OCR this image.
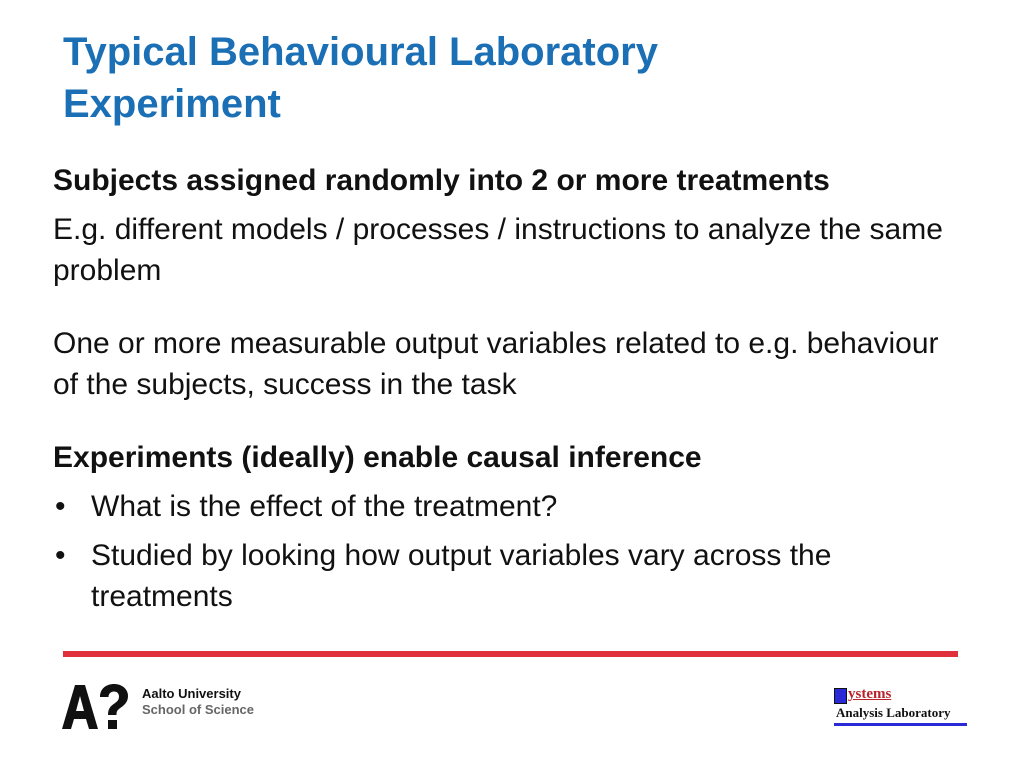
Typical Behavioural Laboratory
Experiment

Subjects assigned randomly into 2 or more treatments

E.g. different models / processes / instructions to analyze the same problem

One or more measurable output variables related to e.g. behaviour of the subjects, success in the task

Experiments (ideally) enable causal inference

• What is the effect of the treatment?
• Studied by looking how output variables vary across the treatments
Aalto University
School of Science
ystems
Analysis Laboratory
